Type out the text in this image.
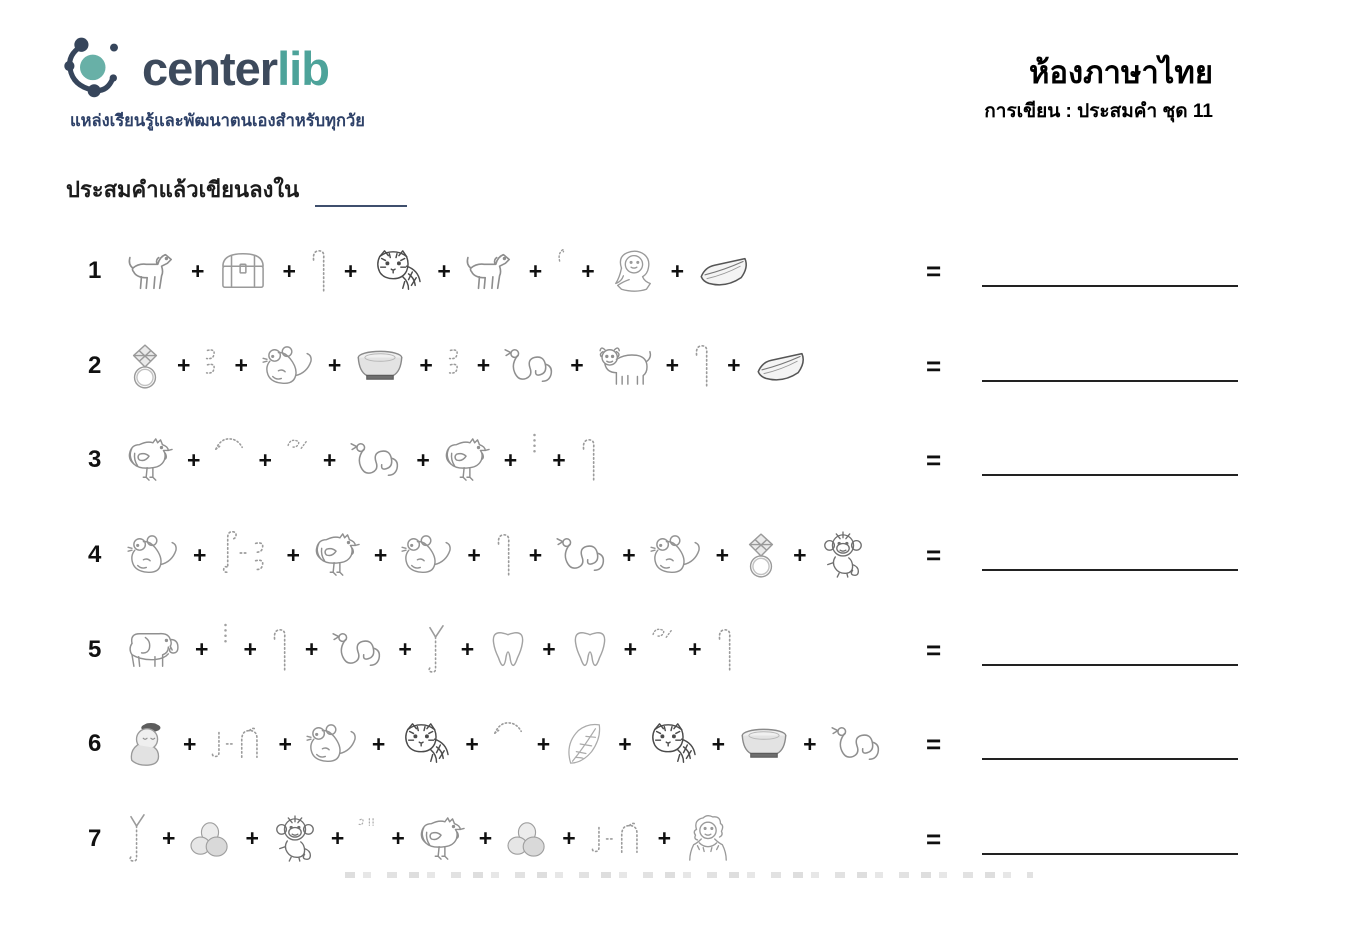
centerlib
แหล่งเรียนรู้และพัฒนาตนเองสำหรับทุกวัย
ห้องภาษาไทย
การเขียน : ประสมคำ ชุด 11
ประสมคำแล้วเขียนลงใน
1	+	+ +	+	+ +	+	=
2	+ +	+	+ +	+	+ +	=
3	+	+ +	+	+ +	=
4	+	+	+	+ +	+	+	+	=
5	+ + +	+ +	+	+ +	=
6	+	+	+	+	+	+	+	+	=
7	+	+	+ +	+	+	+	=
